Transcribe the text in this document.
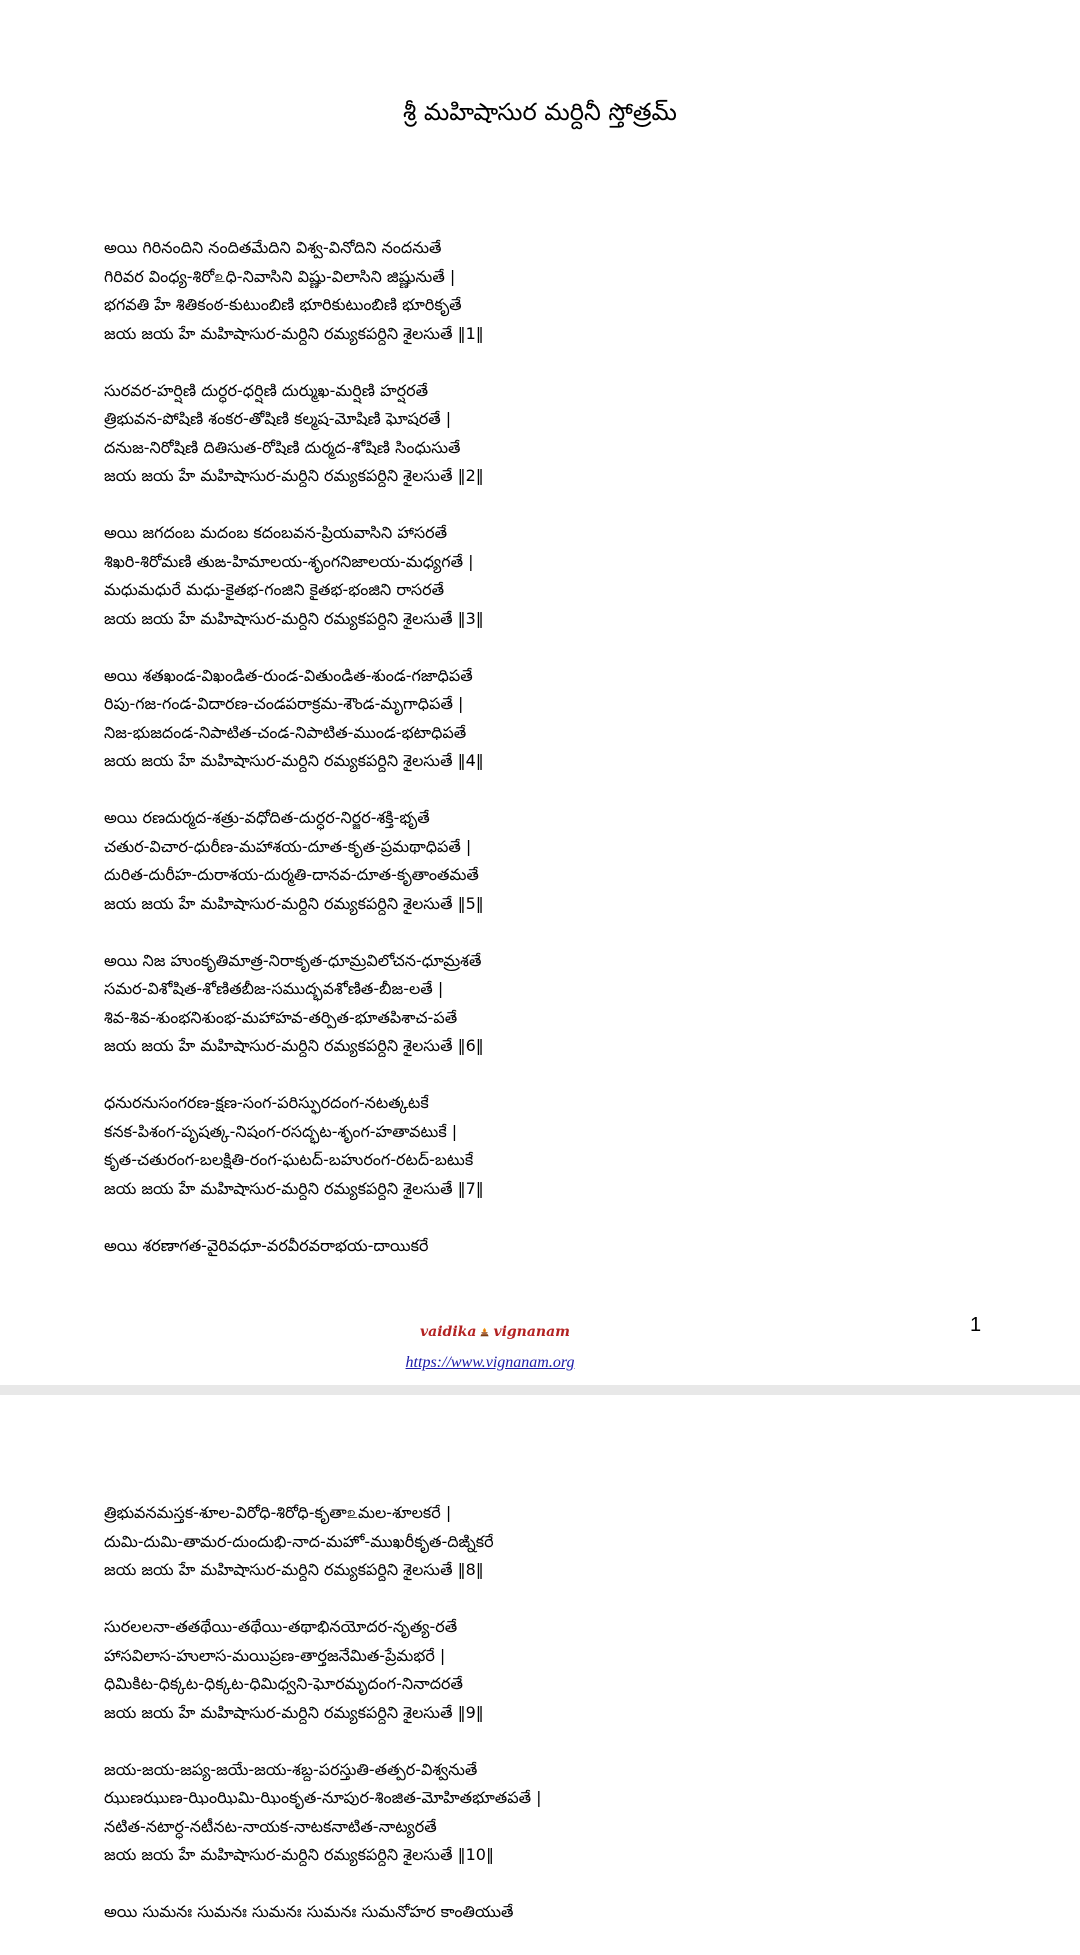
శ్రీ మహిషాసుర మర్దినీ స్తోత్రమ్
అయి గిరినందిని నందితమేదిని విశ్వ-వినోదిని నందనుతే
గిరివర వింధ్య-శిరో௨ధి-నివాసిని విష్ణు-విలాసిని జిష్ణునుతే |
భగవతి హే శితికంఠ-కుటుంబిణి భూరికుటుంబిణి భూరికృతే
జయ జయ హే మహిషాసుర-మర్దిని రమ్యకపర్దిని శైలసుతే ‖1‖
సురవర-హర్షిణి దుర్ధర-ధర్షిణి దుర్ముఖ-మర్షిణి హర్షరతే
త్రిభువన-పోషిణి శంకర-తోషిణి కల్మష-మోషిణి ఘోషరతే |
దనుజ-నిరోషిణి దితిసుత-రోషిణి దుర్మద-శోషిణి సింధుసుతే
జయ జయ హే మహిషాసుర-మర్దిని రమ్యకపర్దిని శైలసుతే ‖2‖
అయి జగదంబ మదంబ కదంబవన-ప్రియవాసిని హాసరతే
శిఖరి-శిరోమణి తుఙ-హిమాలయ-శృంగనిజాలయ-మధ్యగతే |
మధుమధురే మధు-కైతభ-గంజిని కైతభ-భంజిని రాసరతే
జయ జయ హే మహిషాసుర-మర్దిని రమ్యకపర్దిని శైలసుతే ‖3‖
అయి శతఖండ-విఖండిత-రుండ-వితుండిత-శుండ-గజాధిపతే
రిపు-గజ-గండ-విదారణ-చండపరాక్రమ-శౌండ-మృగాధిపతే |
నిజ-భుజదండ-నిపాటిత-చండ-నిపాటిత-ముండ-భటాధిపతే
జయ జయ హే మహిషాసుర-మర్దిని రమ్యకపర్దిని శైలసుతే ‖4‖
అయి రణదుర్మద-శత్రు-వధోదిత-దుర్ధర-నిర్జర-శక్తి-భృతే
చతుర-విచార-ధురీణ-మహాశయ-దూత-కృత-ప్రమథాధిపతే |
దురిత-దురీహ-దురాశయ-దుర్మతి-దానవ-దూత-కృతాంతమతే
జయ జయ హే మహిషాసుర-మర్దిని రమ్యకపర్దిని శైలసుతే ‖5‖
అయి నిజ హుంకృతిమాత్ర-నిరాకృత-ధూమ్రవిలోచన-ధూమ్రశతే
సమర-విశోషిత-శోణితబీజ-సముద్భవశోణిత-బీజ-లతే |
శివ-శివ-శుంభనిశుంభ-మహాహవ-తర్పిత-భూతపిశాచ-పతే
జయ జయ హే మహిషాసుర-మర్దిని రమ్యకపర్దిని శైలసుతే ‖6‖
ధనురనుసంగరణ-క్షణ-సంగ-పరిస్ఫురదంగ-నటత్కటకే
కనక-పిశంగ-పృషత్క-నిషంగ-రసద్భట-శృంగ-హతావటుకే |
కృత-చతురంగ-బలక్షితి-రంగ-ఘటద్-బహురంగ-రటద్-బటుకే
జయ జయ హే మహిషాసుర-మర్దిని రమ్యకపర్దిని శైలసుతే ‖7‖
అయి శరణాగత-వైరివధూ-వరవీరవరాభయ-దాయికరే
vaidika vignanam	1
https://www.vignanam.org
త్రిభువనమస్తక-శూల-విరోధి-శిరోధి-కృతా௨మల-శూలకరే |
దుమి-దుమి-తామర-దుందుభి-నాద-మహో-ముఖరీకృత-దిఙ్నికరే
జయ జయ హే మహిషాసుర-మర్దిని రమ్యకపర్దిని శైలసుతే ‖8‖
సురలలనా-తతథేయి-తథేయి-తథాభినయోదర-నృత్య-రతే
హాసవిలాస-హులాస-మయిప్రణ-తార్తజనేమిత-ప్రేమభరే |
ధిమికిట-ధిక్కట-ధిక్కట-ధిమిధ్వని-ఘోరమృదంగ-నినాదరతే
జయ జయ హే మహిషాసుర-మర్దిని రమ్యకపర్దిని శైలసుతే ‖9‖
జయ-జయ-జప్య-జయే-జయ-శబ్ద-పరస్తుతి-తత్పర-విశ్వనుతే
ఝుణఝుణ-ఝింఝిమి-ఝింకృత-నూపుర-శింజిత-మోహితభూతపతే |
నటిత-నటార్ధ-నటీనట-నాయక-నాటకనాటిత-నాట్యరతే
జయ జయ హే మహిషాసుర-మర్దిని రమ్యకపర్దిని శైలసుతే ‖10‖
అయి సుమనః సుమనః సుమనః సుమనః సుమనోహర కాంతియుతే
